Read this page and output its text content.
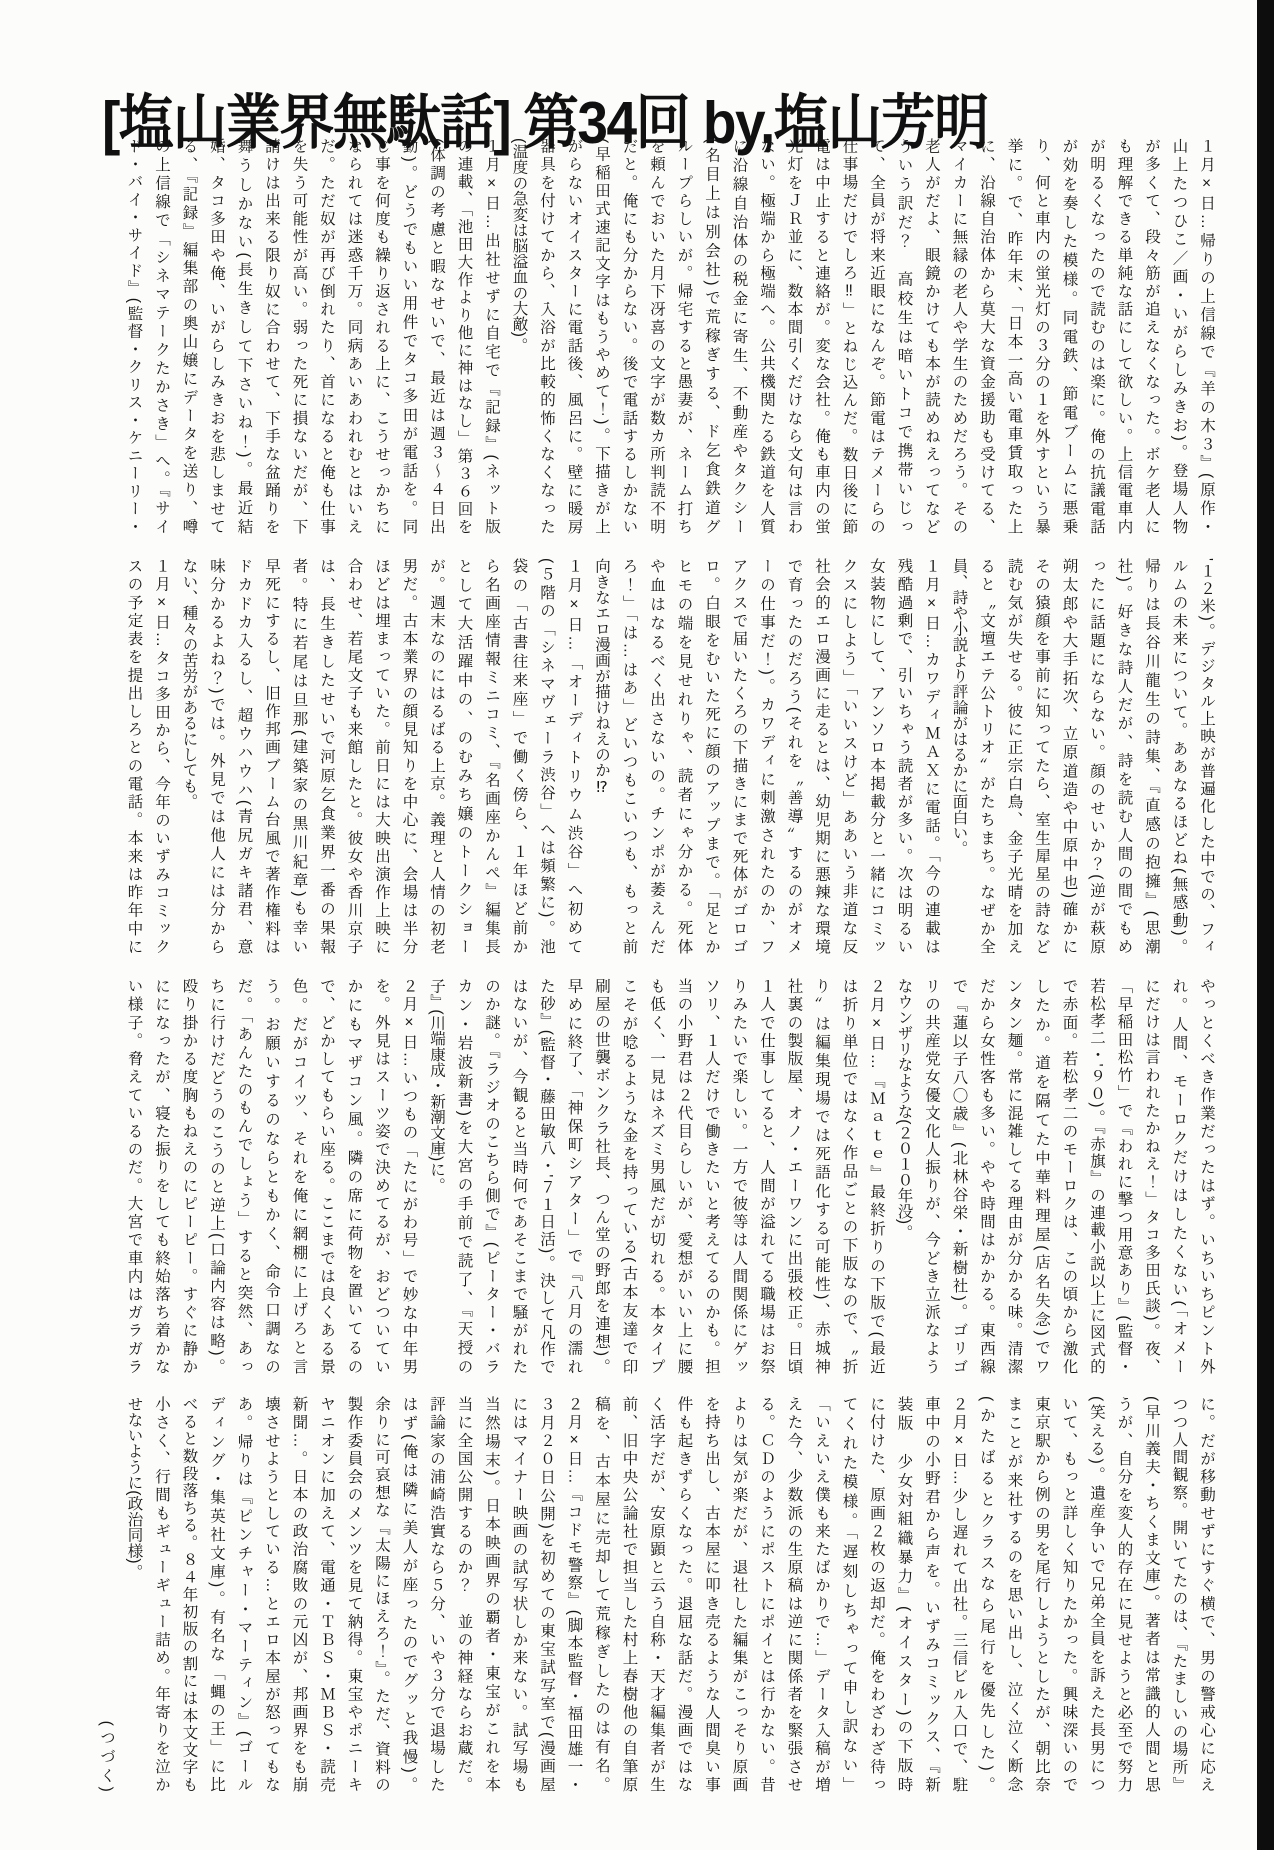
[塩山業界無駄話] 第34回 by,塩山芳明
１月×日…帰りの上信線で『羊の木３』(原作・
山上たつひこ／画・いがらしみきお)。登場人物
が多くて、段々筋が追えなくなった。ボケ老人に
も理解できる単純な話にして欲しい。上信電車内
が明るくなったので読むのは楽に。俺の抗議電話
が効を奏した模様。同電鉄、節電ブームに悪乗
り、何と車内の蛍光灯の３分の１を外すという暴
挙に。で、昨年末、「日本一高い電車賃取った上
に、沿線自治体から莫大な資金援助も受けてる、
マイカーに無縁の老人や学生のためだろう。その
老人がだよ、眼鏡かけても本が読めねえってなど
ういう訳だ？　高校生は暗いトコで携帯いじっ
て、全員が将来近眼になんぞ。節電はテメーらの
仕事場だけでしろ‼」とねじ込んだ。数日後に節
電は中止すると連絡が。変な会社。俺も車内の蛍
光灯をＪＲ並に、数本間引くだけなら文句は言わ
ない。極端から極端へ。公共機関たる鉄道を人質
に沿線自治体の税金に寄生、不動産やタクシー
(名目上は別会社)で荒稼ぎする、ド乞食鉄道グ
ループらしいが。帰宅すると愚妻が、ネーム打ち
を頼んでおいた月下冴喜の文字が数カ所判読不明
だと。俺にも分からない。後で電話するしかない
(早稲田式速記文字はもうやめて！)。下描きが上
がらないオイスターに電話後、風呂に。壁に暖房
器具を付けてから、入浴が比較的怖くなくなった
(温度の急変は脳溢血の大敵)。
１月×日…出社せずに自宅で『記録』(ネット版
の連載、「池田大作より他に神はなし」第３６回を
(体調の考慮と暇なせいで、最近は週３～４日出
勤)。どうでもいい用件でタコ多田が電話を。同
じ事を何度も繰り返される上に、こうせっかちに
なられては迷惑千万。同病あいあわれむとはいえ
だ。ただ奴が再び倒れたり、首になると俺も仕事
を失う可能性が高い。弱った死に損ないだが、下
請けは出来る限り奴に合わせて、下手な盆踊りを
舞うしかない(長生きして下さいね！)。最近結
婚、タコ多田や俺、いがらしみきおを悲しませて
る、『記録』編集部の奥山嬢にデータを送り、噂
の上信線で「シネマテークたかさき」へ。『サイ
ド・バイ・サイド』(監督・クリス・ケニーリー・
'１２米)。デジタル上映が普遍化した中での、フィ
ルムの未来について。ああなるほどね(無感動)。
帰りは長谷川龍生の詩集、『直感の抱擁』(思潮
社)。好きな詩人だが、詩を読む人間の間でもめ
ったに話題にならない。顔のせいか？(逆が萩原
朔太郎や大手拓次、立原道造や中原中也)確かに
その猿顔を事前に知ってたら、室生犀星の詩など
読む気が失せる。彼に正宗白鳥、金子光晴を加え
ると〝文壇エテ公トリオ〟がたちまち。なぜか全
員、詩や小説より評論がはるかに面白い。
１月×日…カワディＭＡＸに電話。「今の連載は
残酷過剰で、引いちゃう読者が多い。次は明るい
女装物にして、アンソロ本掲載分と一緒にコミッ
クスにしよう」「いいスけど」ああいう非道な反
社会的エロ漫画に走るとは、幼児期に悪辣な環境
で育ったのだろう(それを〝善導〟するのがオメ
ーの仕事だ！)。カワディに刺激されたのか、フ
アクスで届いたくろの下描きにまで死体がゴロゴ
ロ。白眼をむいた死に顔のアップまで。「足とか
ヒモの端を見せれりゃ、読者にゃ分かる。死体
や血はなるべく出さないの。チンポが萎えんだ
ろ！」「は…はあ」どいつもこいつも、もっと前
向きなエロ漫画が描けねえのか⁉
１月×日…「オーディトリウム渋谷」へ初めて
(５階の「シネマヴェーラ渋谷」へは頻繁に)。池
袋の「古書往来座」で働く傍ら、１年ほど前か
ら名画座情報ミニコミ、『名画座かんぺ』編集長
として大活躍中の、のむみち嬢のトークショー
が。週末なのにはるばる上京。義理と人情の初老
男だ。古本業界の顔見知りを中心に、会場は半分
ほどは埋まっていた。前日には大映出演作上映に
合わせ、若尾文子も来館したと。彼女や香川京子
は、長生きしたせいで河原乞食業界一番の果報
者。特に若尾は旦那(建築家の黒川紀章)も幸い
早死にするし、旧作邦画ブーム台風で著作権料は
ドカドカ入るし、超ウハウハ(青尻ガキ諸君、意
味分かるよね？)では。外見では他人には分から
ない、種々の苦労があるにしても。
１月×日…タコ多田から、今年のいずみコミック
スの予定表を提出しろとの電話。本来は昨年中に
やっとくべき作業だったはず。いちいちピント外
れ。人間、モーロクだけはしたくない(「オメー
にだけは言われたかねえ！」タコ多田氏談)。夜、
「早稲田松竹」で『われに撃つ用意あり』(監督・
若松孝二・'９０)。『赤旗』の連載小説以上に図式的
で赤面。若松孝二のモーロクは、この頃から激化
したか。道を隔てた中華料理屋(店名失念)でワ
ンタン麺。常に混雑してる理由が分かる味。清潔
だから女性客も多い。やや時間はかかる。東西線
で『蓮以子八〇歳』(北林谷栄・新樹社)。ゴリゴ
リの共産党女優文化人振りが、今どき立派なよう
なウンザリなような(２０１０年没)。
２月×日…『Ｍａｔｅ』最終折りの下版で(最近
は折り単位ではなく作品ごとの下版なので、〝折
り〟は編集現場では死語化する可能性)、赤城神
社裏の製版屋、オノ・エーワンに出張校正。日頃
１人で仕事してると、人間が溢れてる職場はお祭
りみたいで楽しい。一方で彼等は人間関係にゲッ
ソリ、１人だけで働きたいと考えてるのかも。担
当の小野君は２代目らしいが、愛想がいい上に腰
も低く、一見はネズミ男風だが切れる。本タイプ
こそが唸るような金を持っている(古本友達で印
刷屋の世襲ボンクラ社長、つん堂の野郎を連想)。
早めに終了、「神保町シアター」で『八月の濡れ
た砂』(監督・藤田敏八・'７１日活)。決して凡作で
はないが、今観ると当時何であそこまで騒がれた
のか謎。『ラジオのこちら側で』(ピーター・バラ
カン・岩波新書)を大宮の手前で読了、『天授の
子』(川端康成・新潮文庫)に。
２月×日…いつもの「たにがわ号」で妙な中年男
を。外見はスーツ姿で決めてるが、おどついてい
かにもマザコン風。隣の席に荷物を置いてるの
で、どかしてもらい座る。ここまでは良くある景
色。だがコイツ、それを俺に網棚に上げろと言
う。お願いするのならともかく、命令口調なの
だ。「あんたのもんでしょう」すると突然、あっ
ちに行けだどうのこうのと逆上(口論内容は略)。
殴り掛かる度胸もねえのにピーピー。すぐに静か
にになったが、寝た振りをしても終始落ち着かな
い様子。脅えているのだ。大宮で車内はガラガラ
に。だが移動せずにすぐ横で、男の警戒心に応え
つつ人間観察。開いてたのは、『たましいの場所』
(早川義夫・ちくま文庫)。著者は常識的人間と思
うが、自分を変人的存在に見せようと必至で努力
(笑える)。遺産争いで兄弟全員を訴えた長男につ
いて、もっと詳しく知りたかった。興味深いので
東京駅から例の男を尾行しようとしたが、朝比奈
まことが来社するのを思い出し、泣く泣く断念
(かたばるとクラスなら尾行を優先した)。
２月×日…少し遅れて出社。三信ビル入口で、駐
車中の小野君から声を。いずみコミックス、『新
装版　少女対組織暴力』(オイスター)の下版時
に付けた、原画２枚の返却だ。俺をわざわざ待っ
てくれた模様。「遅刻しちゃって申し訳ない」
「いえいえ僕も来たばかりで…」データ入稿が増
えた今、少数派の生原稿は逆に関係者を緊張させ
る。ＣＤのようにポストにポイとは行かない。昔
よりは気が楽だが、退社した編集がこっそり原画
を持ち出し、古本屋に叩き売るような人間臭い事
件も起きずらくなった。退屈な話だ。漫画ではな
く活字だが、安原顕と云う自称・天才編集者が生
前、旧中央公論社で担当した村上春樹他の自筆原
稿を、古本屋に売却して荒稼ぎしたのは有名。
２月×日…『コドモ警察』(脚本監督・福田雄一・
３月２０日公開)を初めての東宝試写室で(漫画屋
にはマイナー映画の試写状しか来ない。試写場も
当然場末)。日本映画界の覇者・東宝がこれを本
当に全国公開するのか？　並の神経ならお蔵だ。
評論家の浦崎浩實なら５分、いや３分で退場した
はず(俺は隣に美人が座ったのでグッと我慢)。
余りに可哀想な『太陽にほえろ！』。ただ、資料の
製作委員会のメンツを見て納得。東宝やポニーキ
ヤニオンに加えて、電通・ＴＢＳ・ＭＢＳ・読売
新聞…。日本の政治腐敗の元凶が、邦画界をも崩
壊させようとしている…とエロ本屋が怒ってもな
あ。帰りは『ピンチャー・マーティン』(ゴール
ディング・集英社文庫)。有名な「蝿の王」に比
べると数段落ちる。８４年初版の割には本文文字も
小さく、行間もギューギュー詰め。年寄りを泣か
せないように(政治同様)。
　　　　　　　　　　　　　　　　　(つづく)
